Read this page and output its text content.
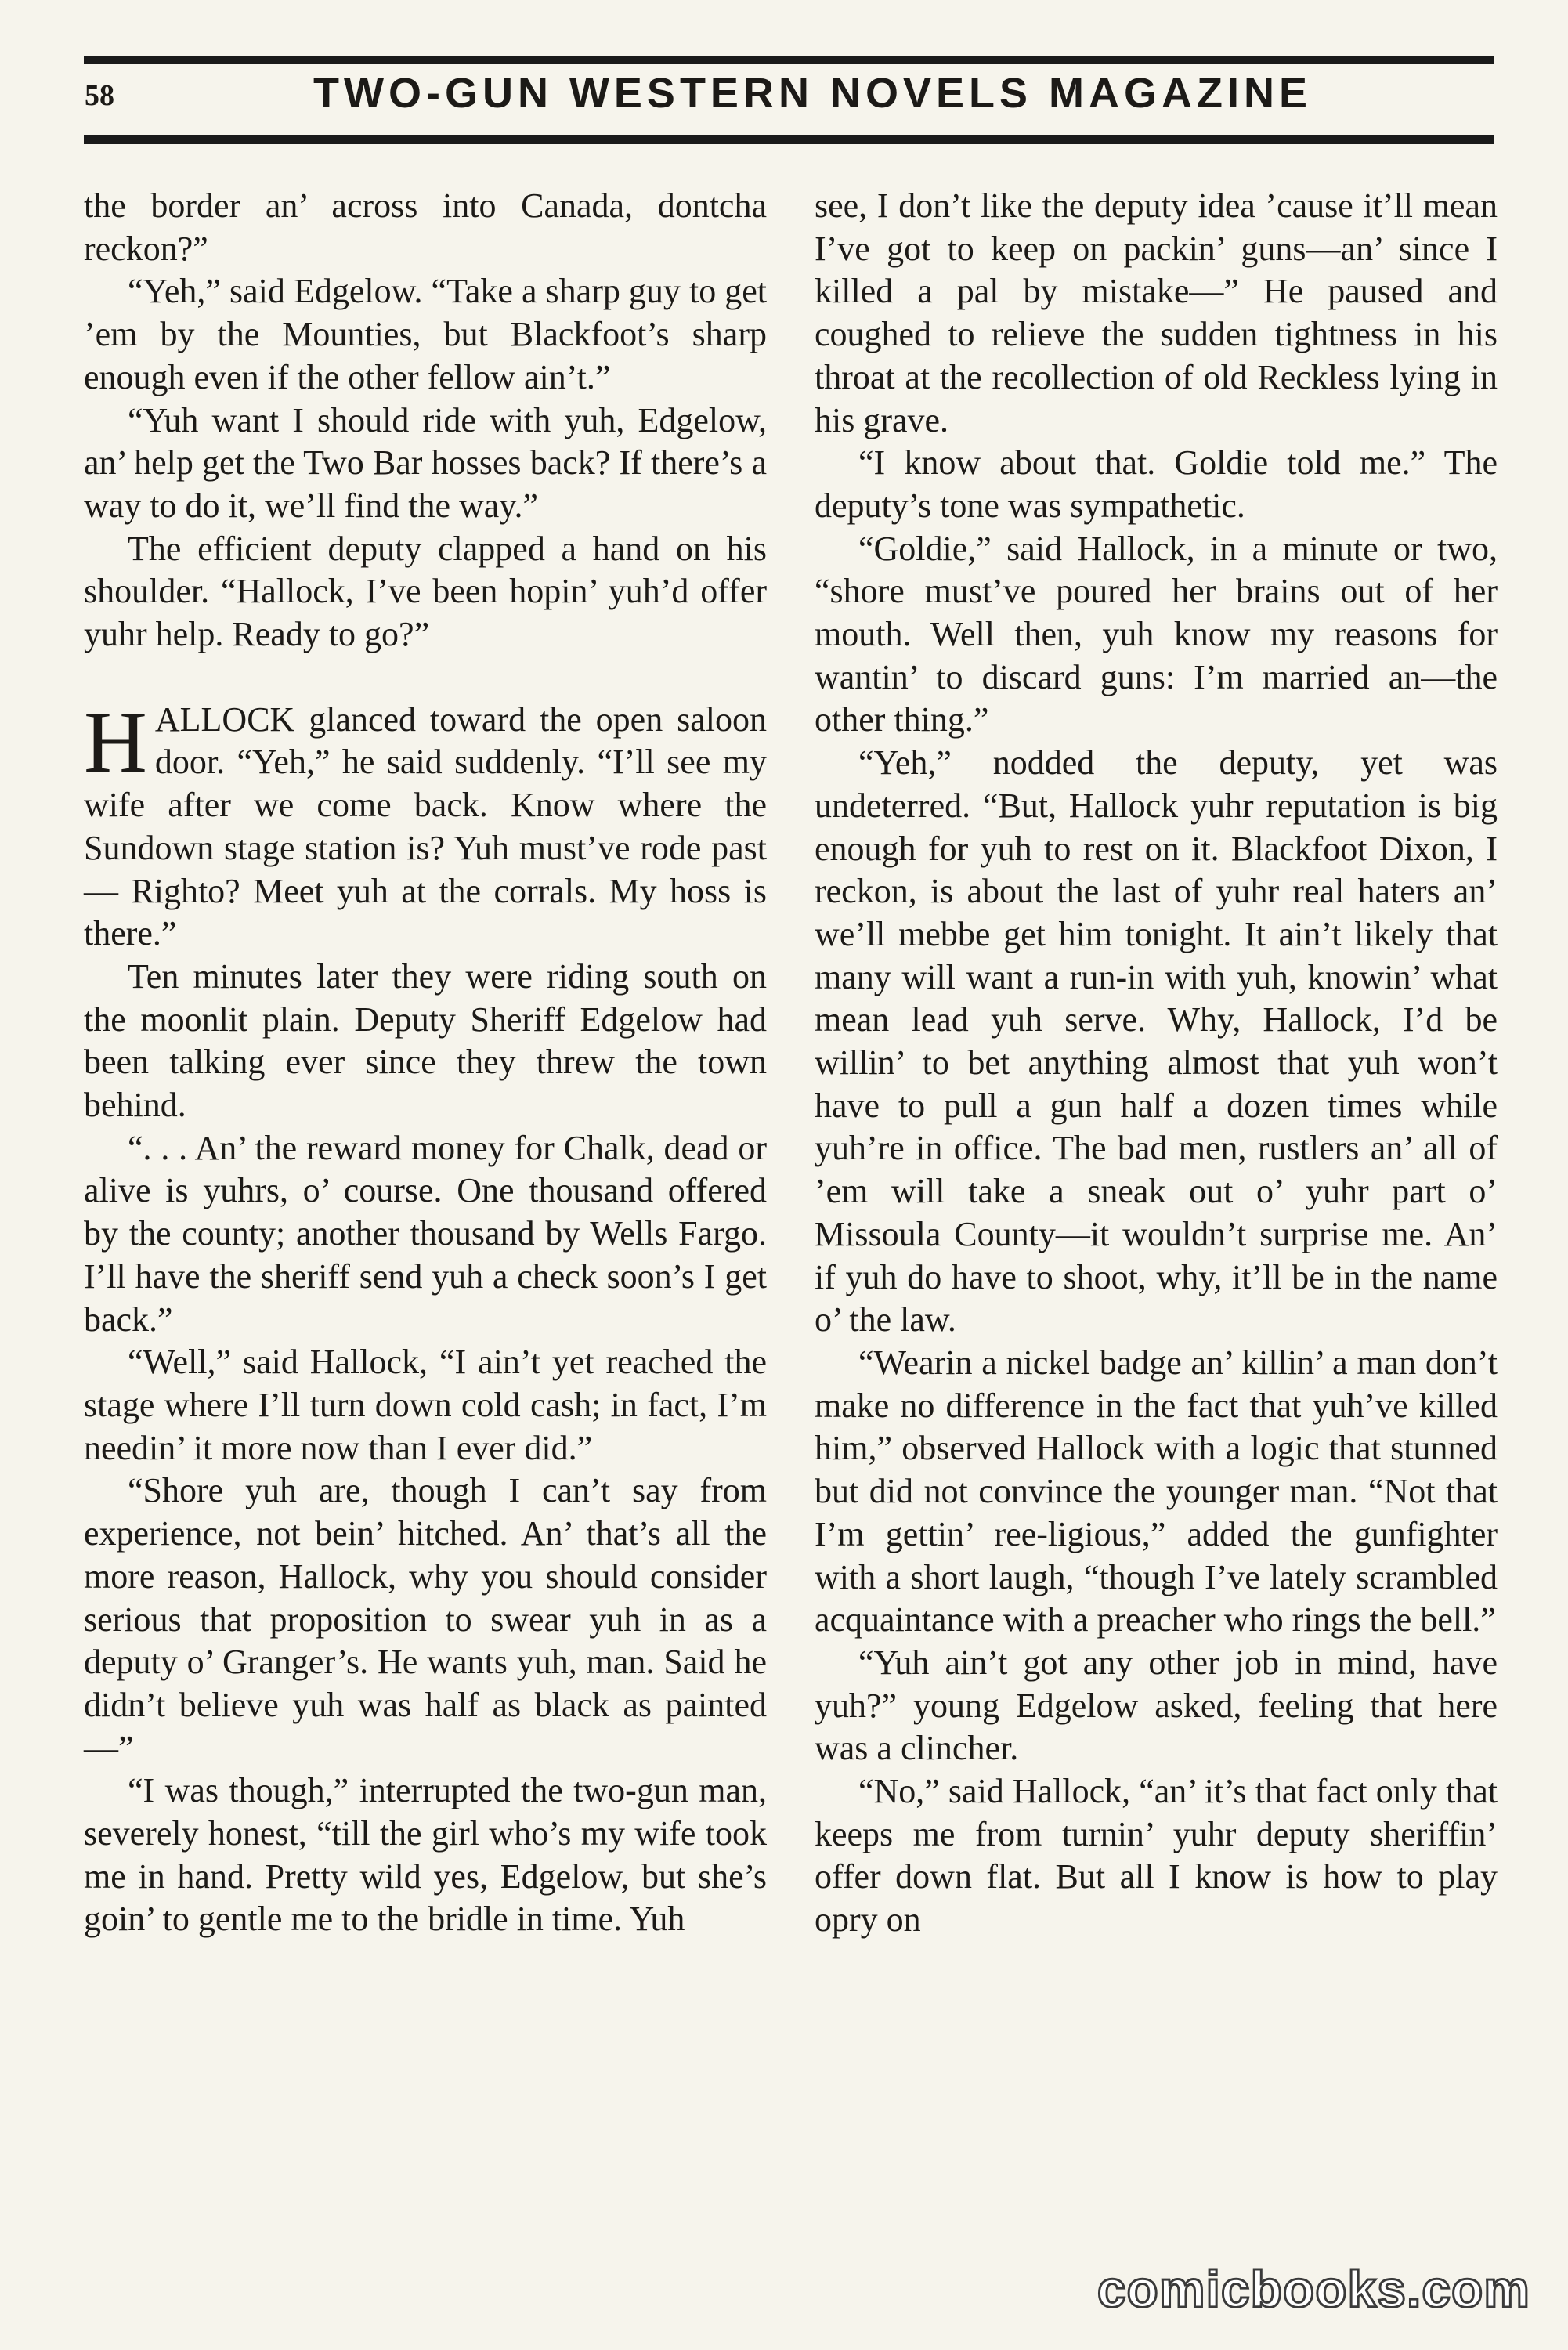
58	TWO-GUN WESTERN NOVELS MAGAZINE

the border an’ across into Canada, dontcha reckon?”

“Yeh,” said Edgelow. “Take a sharp guy to get ’em by the Mounties, but Blackfoot’s sharp enough even if the other fellow ain’t.”

“Yuh want I should ride with yuh, Edgelow, an’ help get the Two Bar hosses back? If there’s a way to do it, we’ll find the way.”

The efficient deputy clapped a hand on his shoulder. “Hallock, I’ve been hopin’ yuh’d offer yuhr help. Ready to go?”

HALLOCK glanced toward the open saloon door. “Yeh,” he said suddenly. “I’ll see my wife after we come back. Know where the Sundown stage station is? Yuh must’ve rode past— Righto? Meet yuh at the corrals. My hoss is there.”

Ten minutes later they were riding south on the moonlit plain. Deputy Sheriff Edgelow had been talking ever since they threw the town behind.

“. . . An’ the reward money for Chalk, dead or alive is yuhrs, o’ course. One thousand offered by the county; another thousand by Wells Fargo. I’ll have the sheriff send yuh a check soon’s I get back.”

“Well,” said Hallock, “I ain’t yet reached the stage where I’ll turn down cold cash; in fact, I’m needin’ it more now than I ever did.”

“Shore yuh are, though I can’t say from experience, not bein’ hitched. An’ that’s all the more reason, Hallock, why you should consider serious that proposition to swear yuh in as a deputy o’ Granger’s. He wants yuh, man. Said he didn’t believe yuh was half as black as painted—”

“I was though,” interrupted the two-gun man, severely honest, “till the girl who’s my wife took me in hand. Pretty wild yes, Edgelow, but she’s goin’ to gentle me to the bridle in time. Yuh

see, I don’t like the deputy idea ’cause it’ll mean I’ve got to keep on packin’ guns—an’ since I killed a pal by mistake—” He paused and coughed to relieve the sudden tightness in his throat at the recollection of old Reckless lying in his grave.

“I know about that. Goldie told me.” The deputy’s tone was sympathetic.

“Goldie,” said Hallock, in a minute or two, “shore must’ve poured her brains out of her mouth. Well then, yuh know my reasons for wantin’ to discard guns: I’m married an—the other thing.”

“Yeh,” nodded the deputy, yet was undeterred. “But, Hallock yuhr reputation is big enough for yuh to rest on it. Blackfoot Dixon, I reckon, is about the last of yuhr real haters an’ we’ll mebbe get him tonight. It ain’t likely that many will want a run-in with yuh, knowin’ what mean lead yuh serve. Why, Hallock, I’d be willin’ to bet anything almost that yuh won’t have to pull a gun half a dozen times while yuh’re in office. The bad men, rustlers an’ all of ’em will take a sneak out o’ yuhr part o’ Missoula County—it wouldn’t surprise me. An’ if yuh do have to shoot, why, it’ll be in the name o’ the law.

“Wearin a nickel badge an’ killin’ a man don’t make no difference in the fact that yuh’ve killed him,” observed Hallock with a logic that stunned but did not convince the younger man. “Not that I’m gettin’ ree-ligious,” added the gunfighter with a short laugh, “though I’ve lately scrambled acquaintance with a preacher who rings the bell.”

“Yuh ain’t got any other job in mind, have yuh?” young Edgelow asked, feeling that here was a clincher.

“No,” said Hallock, “an’ it’s that fact only that keeps me from turnin’ yuhr deputy sheriffin’ offer down flat. But all I know is how to play opry on

comicbooks.com
